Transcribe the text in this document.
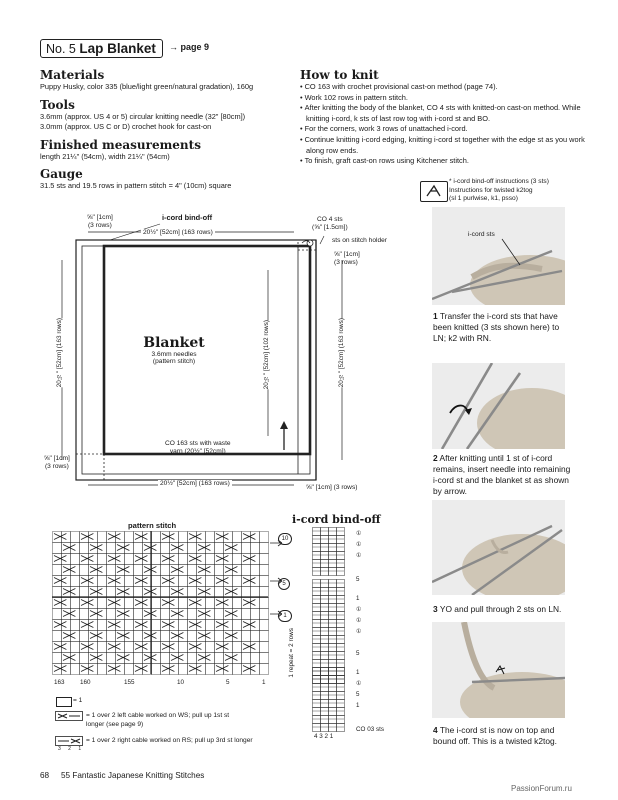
No. 5 Lap Blanket	→ page 9
Materials
Puppy Husky, color 335 (blue/light green/natural gradation), 160g
Tools
3.6mm (approx. US 4 or 5) circular knitting needle (32" [80cm])
3.0mm (approx. US C or D) crochet hook for cast-on
Finished measurements
length 21¼" (54cm), width 21¼" (54cm)
Gauge
31.5 sts and 19.5 rows in pattern stitch = 4" (10cm) square
How to knit
• CO 163 with crochet provisional cast-on method (page 74).
• Work 102 rows in pattern stitch.
• After knitting the body of the blanket, CO 4 sts with knitted-on cast-on method. While knitting i-cord, k sts of last row tog with i-cord st and BO.
• For the corners, work 3 rows of unattached i-cord.
• Continue knitting i-cord edging, knitting i-cord st together with the edge st as you work along row ends.
• To finish, graft cast-on rows using Kitchener stitch.
* i-cord bind-off instructions (3 sts)
Instructions for twisted k2tog
(sl 1 purlwise, k1, psso)
⅝" [1cm]
(3 rows)
i-cord bind-off
20½" [52cm] (163 rows)
CO 4 sts
(⅝" [1.5cm])
sts on stitch holder
⅝" [1cm]
(3 rows)
Blanket
3.6mm needles
(pattern stitch)
20½" [52cm] (163 rows)	20½" [52cm] (102 rows)	20½" [52cm] (163 rows)
CO 163 sts with waste
yarn (20½" [52cm])
⅝" [1cm]
(3 rows)
20½" [52cm] (163 rows)
⅝" [1cm] (3 rows)
pattern stitch
163 160	155	10	5	1
10
5
1
1 repeat = 2 rows
i-cord bind-off
4 3 2 1
CO 03 sts
①
①
①
5
1
①
①
①
5
1
①
5
1
= 1
= 1 over 2 left cable worked on WS; pull up 1st st
longer (see page 9)
3 2 1
= 1 over 2 right cable worked on RS; pull up 3rd st longer
i-cord sts
1 Transfer the i-cord sts that have been knitted (3 sts shown here) to LN; k2 with RN.
2 After knitting until 1 st of i-cord remains, insert needle into remaining i-cord st and the blanket st as shown by arrow.
3 YO and pull through 2 sts on LN.
4 The i-cord st is now on top and bound off. This is a twisted k2tog.
68 55 Fantastic Japanese Knitting Stitches
PassionForum.ru
